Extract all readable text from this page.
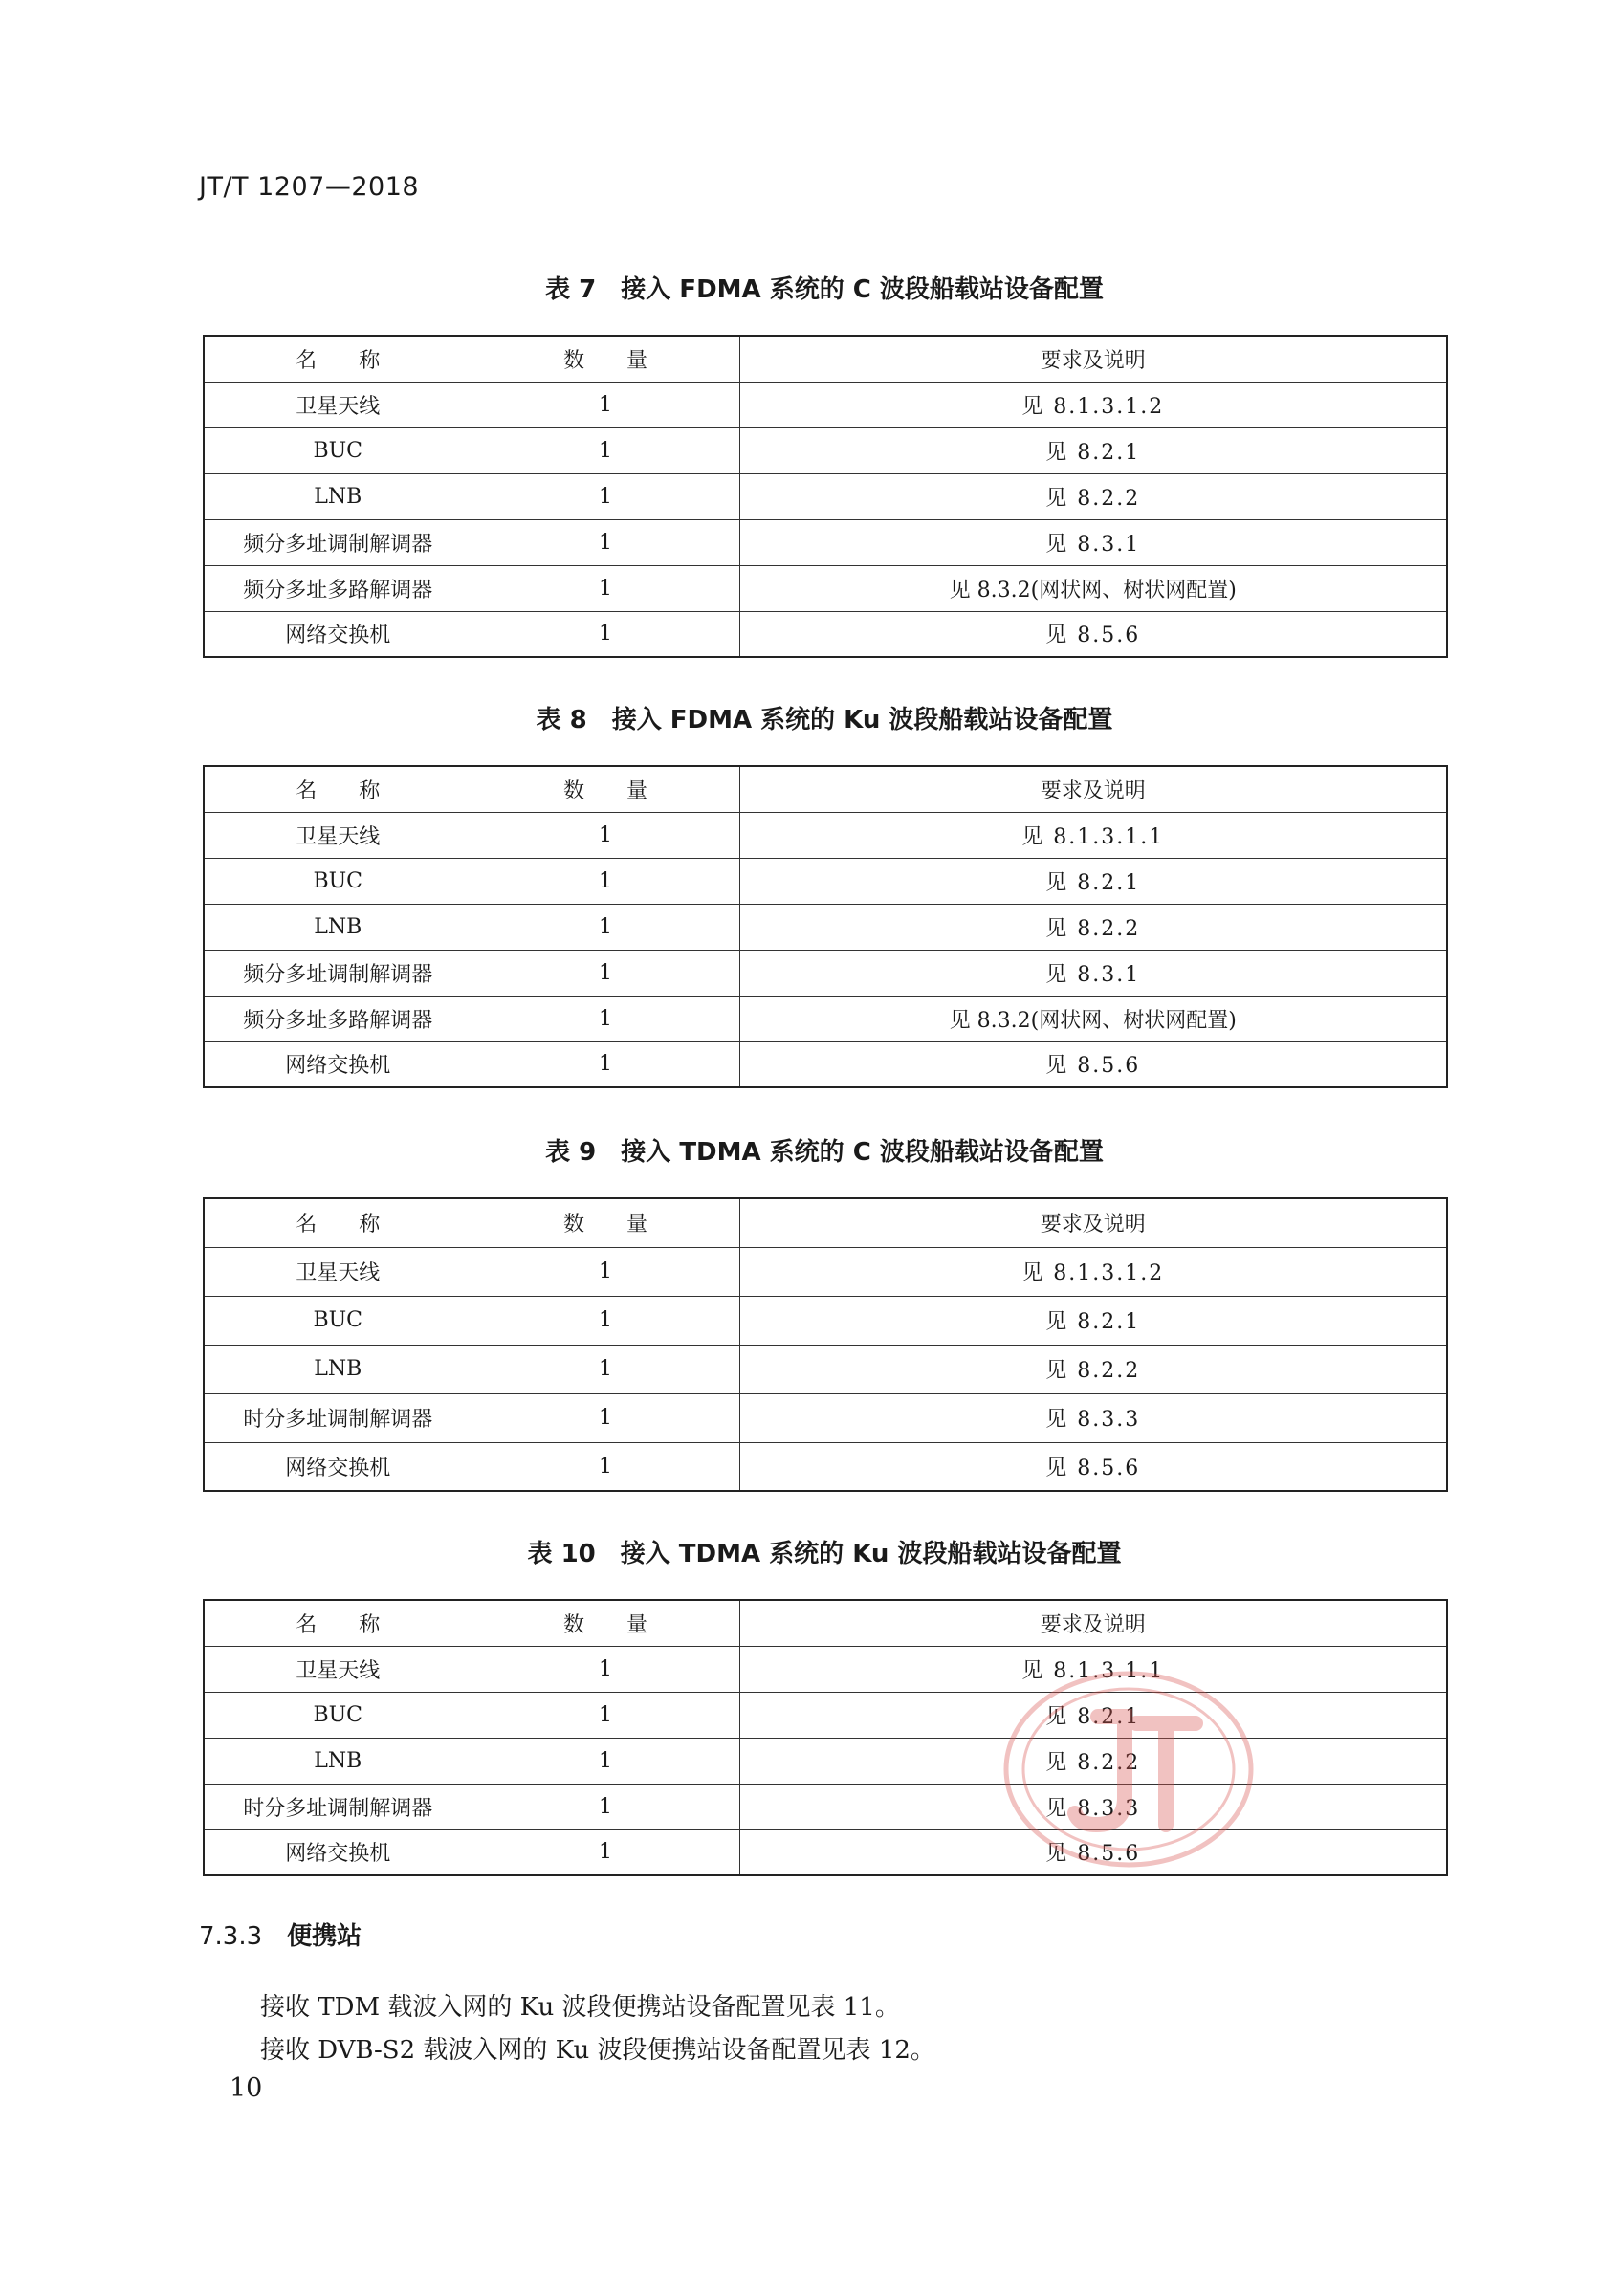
JT/T 1207—2018
表 7　接入 FDMA 系统的 C 波段船载站设备配置
名　　称	数　　量	要求及说明
卫星天线	1	见 8.1.3.1.2
BUC	1	见 8.2.1
LNB	1	见 8.2.2
频分多址调制解调器	1	见 8.3.1
频分多址多路解调器	1	见 8.3.2(网状网、树状网配置)
网络交换机	1	见 8.5.6
表 8　接入 FDMA 系统的 Ku 波段船载站设备配置
名　　称	数　　量	要求及说明
卫星天线	1	见 8.1.3.1.1
BUC	1	见 8.2.1
LNB	1	见 8.2.2
频分多址调制解调器	1	见 8.3.1
频分多址多路解调器	1	见 8.3.2(网状网、树状网配置)
网络交换机	1	见 8.5.6
表 9　接入 TDMA 系统的 C 波段船载站设备配置
名　　称	数　　量	要求及说明
卫星天线	1	见 8.1.3.1.2
BUC	1	见 8.2.1
LNB	1	见 8.2.2
时分多址调制解调器	1	见 8.3.3
网络交换机	1	见 8.5.6
表 10　接入 TDMA 系统的 Ku 波段船载站设备配置
名　　称	数　　量	要求及说明
卫星天线	1	见 8.1.3.1.1
BUC	1	见 8.2.1
LNB	1	见 8.2.2
时分多址调制解调器	1	见 8.3.3
网络交换机	1	见 8.5.6
7.3.3 便携站
接收 TDM 载波入网的 Ku 波段便携站设备配置见表 11。
接收 DVB-S2 载波入网的 Ku 波段便携站设备配置见表 12。
10
